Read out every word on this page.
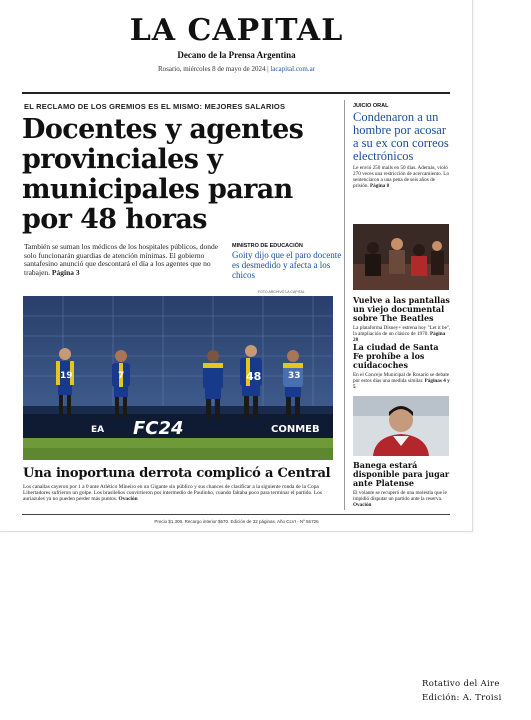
LA CAPITAL
Decano de la Prensa Argentina
Rosario, miércoles 8 de mayo de 2024 | lacapital.com.ar
EL RECLAMO DE LOS GREMIOS ES EL MISMO: MEJORES SALARIOS
Docentes y agentes provinciales y municipales paran por 48 horas
También se suman los médicos de los hospitales públicos, donde solo funcionarán guardias de atención mínimas. El gobierno santafesino anunció que descontará el día a los agentes que no trabajen. Página 3
MINISTRO DE EDUCACIÓN
Goity dijo que el paro docente es desmedido y afecta a los chicos
FOTO ARCHIVO LA CAPITAL
19	7	48	33
EA FC24	CONMEB
Una inoportuna derrota complicó a Central
Los canallas cayeron por 1 a 0 ante Atlético Mineiro en un Gigante sin público y sus chances de clasificar a la siguiente ronda de la Copa Libertadores sufrieron un golpe. Los brasileños convirtieron por intermedio de Paulinho, cuando faltaba poco para terminar el partido. Los auriazules ya no pueden perder más puntos. Ovación
JUICIO ORAL
Condenaron a un hombre por acosar a su ex con correos electrónicos
Le envió 250 mails en 50 días. Además, violó 270 veces una restricción de acercamiento. Lo sentenciaron a una pena de seis años de prisión. Página 8
Vuelve a las pantallas un viejo documental sobre The Beatles
La plataforma Disney+ estrena hoy "Let it be", la ampliación de un clásico de 1970. Página 28
La ciudad de Santa Fe prohíbe a los cuidacoches
En el Concejo Municipal de Rosario se debate por estos días una medida similar. Páginas 4 y 5
Banega estará disponible para jugar ante Platense
El volante se recuperó de una molestia que le impidió disputar un partido ante la reserva. Ovación
Precio $1.300. Recargo interior $670. Edición de 32 páginas. Año CLVI - Nº 56726
Rotativo del Aire
Edición: A. Troisi
